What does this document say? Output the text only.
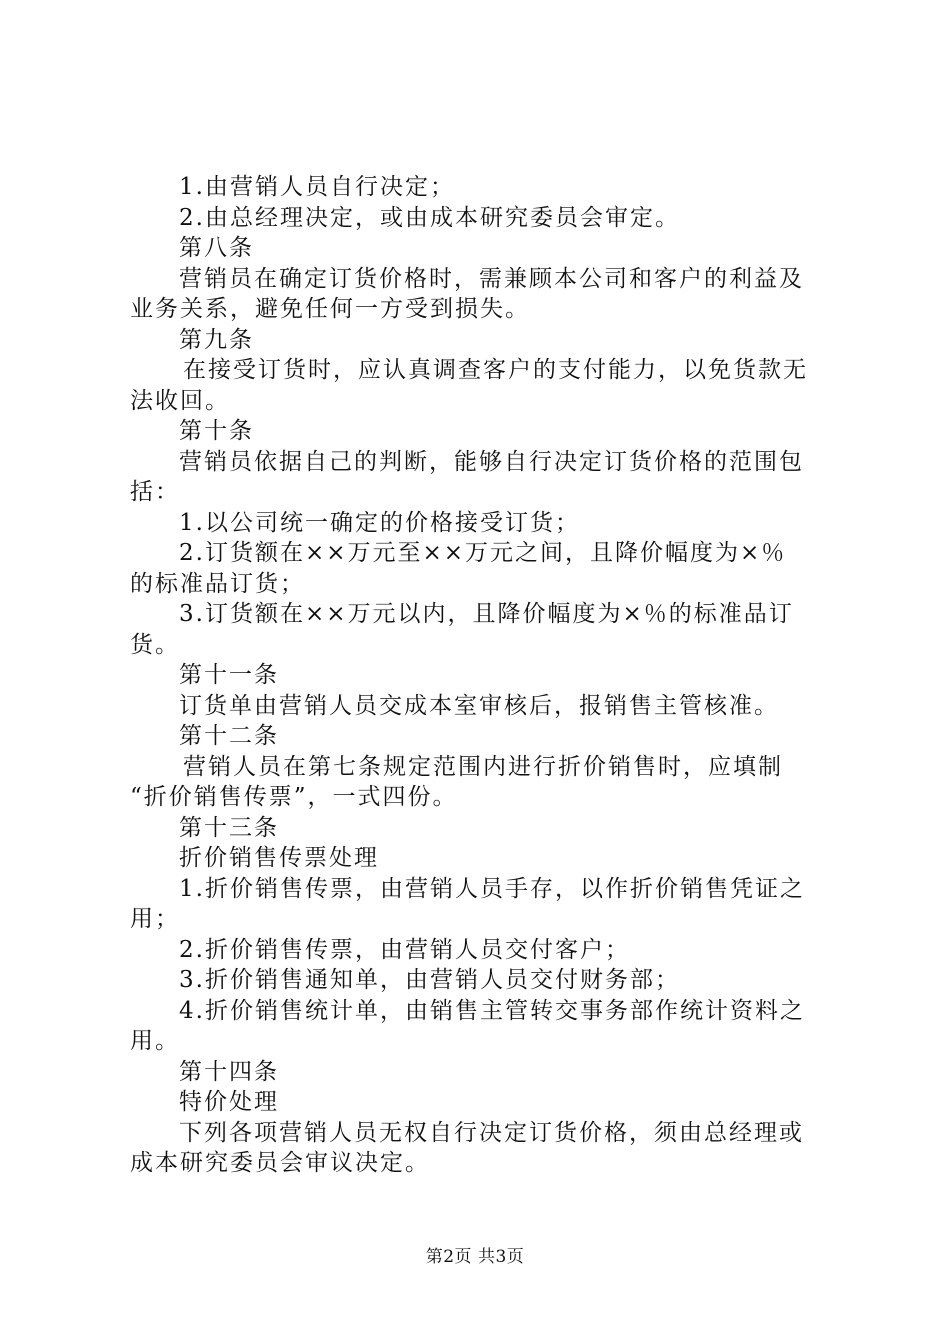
1.由营销人员自行决定；
2.由总经理决定，或由成本研究委员会审定。
第八条
营销员在确定订货价格时，需兼顾本公司和客户的利益及
业务关系，避免任何一方受到损失。
第九条
在接受订货时，应认真调查客户的支付能力，以免货款无
法收回。
第十条
营销员依据自己的判断，能够自行决定订货价格的范围包
括：
1.以公司统一确定的价格接受订货；
2.订货额在××万元至××万元之间，且降价幅度为×％
的标准品订货；
3.订货额在××万元以内，且降价幅度为×％的标准品订
货。
第十一条
订货单由营销人员交成本室审核后，报销售主管核准。
第十二条
营销人员在第七条规定范围内进行折价销售时，应填制
“折价销售传票”，一式四份。
第十三条
折价销售传票处理
1.折价销售传票，由营销人员手存，以作折价销售凭证之
用；
2.折价销售传票，由营销人员交付客户；
3.折价销售通知单，由营销人员交付财务部；
4.折价销售统计单，由销售主管转交事务部作统计资料之
用。
第十四条
特价处理
下列各项营销人员无权自行决定订货价格，须由总经理或
成本研究委员会审议决定。
第2页 共3页
